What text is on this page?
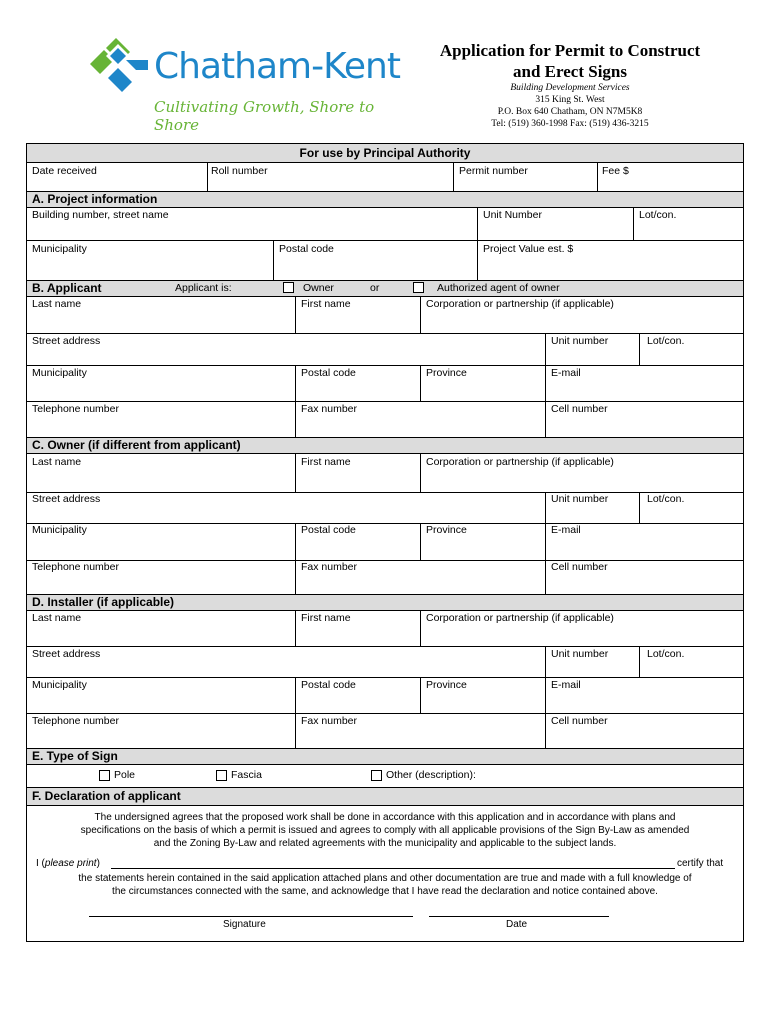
Chatham-Kent
Cultivating Growth, Shore to Shore
Application for Permit to Construct
and Erect Signs
Building Development Services
315 King St. West
P.O. Box 640 Chatham, ON N7M5K8
Tel: (519) 360-1998 Fax: (519) 436-3215
For use by Principal Authority
Date received	Roll number	Permit number	Fee $
A. Project information
Building number, street name	Unit Number	Lot/con.
Municipality	Postal code	Project Value est. $
B. Applicant	Applicant is:	Owner	or	Authorized agent of owner
Last name	First name	Corporation or partnership (if applicable)
Street address	Unit number	Lot/con.
Municipality	Postal code	Province	E-mail
Telephone number	Fax number	Cell number
C. Owner (if different from applicant)
Last name	First name	Corporation or partnership (if applicable)
Street address	Unit number	Lot/con.
Municipality	Postal code	Province	E-mail
Telephone number	Fax number	Cell number
D. Installer (if applicable)
Last name	First name	Corporation or partnership (if applicable)
Street address	Unit number	Lot/con.
Municipality	Postal code	Province	E-mail
Telephone number	Fax number	Cell number
E. Type of Sign
Pole	Fascia	Other (description):
F. Declaration of applicant
The undersigned agrees that the proposed work shall be done in accordance with this application and in accordance with plans and
specifications on the basis of which a permit is issued and agrees to comply with all applicable provisions of the Sign By-Law as amended
and the Zoning By-Law and related agreements with the municipality and applicable to the subject lands.
I (please print)	certify that
the statements herein contained in the said application attached plans and other documentation are true and made with a full knowledge of
the circumstances connected with the same, and acknowledge that I have read the declaration and notice contained above.
Signature	Date
